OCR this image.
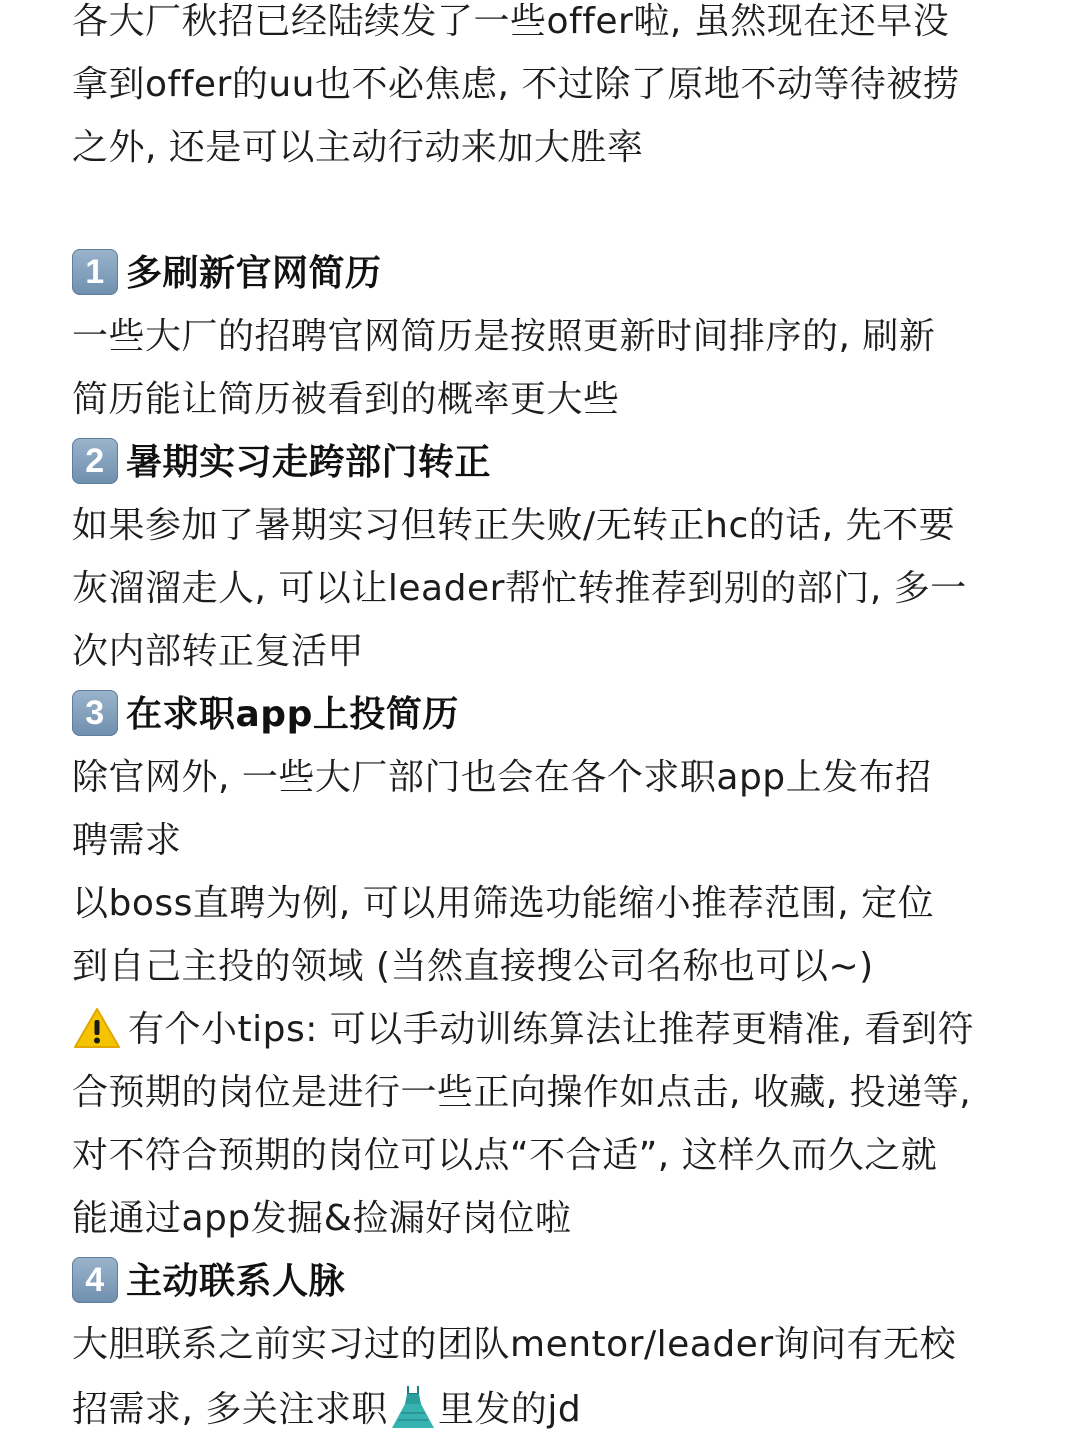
各大厂秋招已经陆续发了一些offer啦, 虽然现在还早没
拿到offer的uu也不必焦虑, 不过除了原地不动等待被捞
之外, 还是可以主动行动来加大胜率
1 多刷新官网简历
一些大厂的招聘官网简历是按照更新时间排序的, 刷新
简历能让简历被看到的概率更大些
2 暑期实习走跨部门转正
如果参加了暑期实习但转正失败/无转正hc的话, 先不要
灰溜溜走人, 可以让leader帮忙转推荐到别的部门, 多一
次内部转正复活甲
3 在求职app上投简历
除官网外, 一些大厂部门也会在各个求职app上发布招
聘需求
以boss直聘为例, 可以用筛选功能缩小推荐范围, 定位
到自己主投的领域 (当然直接搜公司名称也可以~)
有个小tips: 可以手动训练算法让推荐更精准, 看到符
合预期的岗位是进行一些正向操作如点击, 收藏, 投递等,
对不符合预期的岗位可以点“不合适”, 这样久而久之就
能通过app发掘&捡漏好岗位啦
4 主动联系人脉
大胆联系之前实习过的团队mentor/leader询问有无校
招需求, 多关注求职 里发的jd
